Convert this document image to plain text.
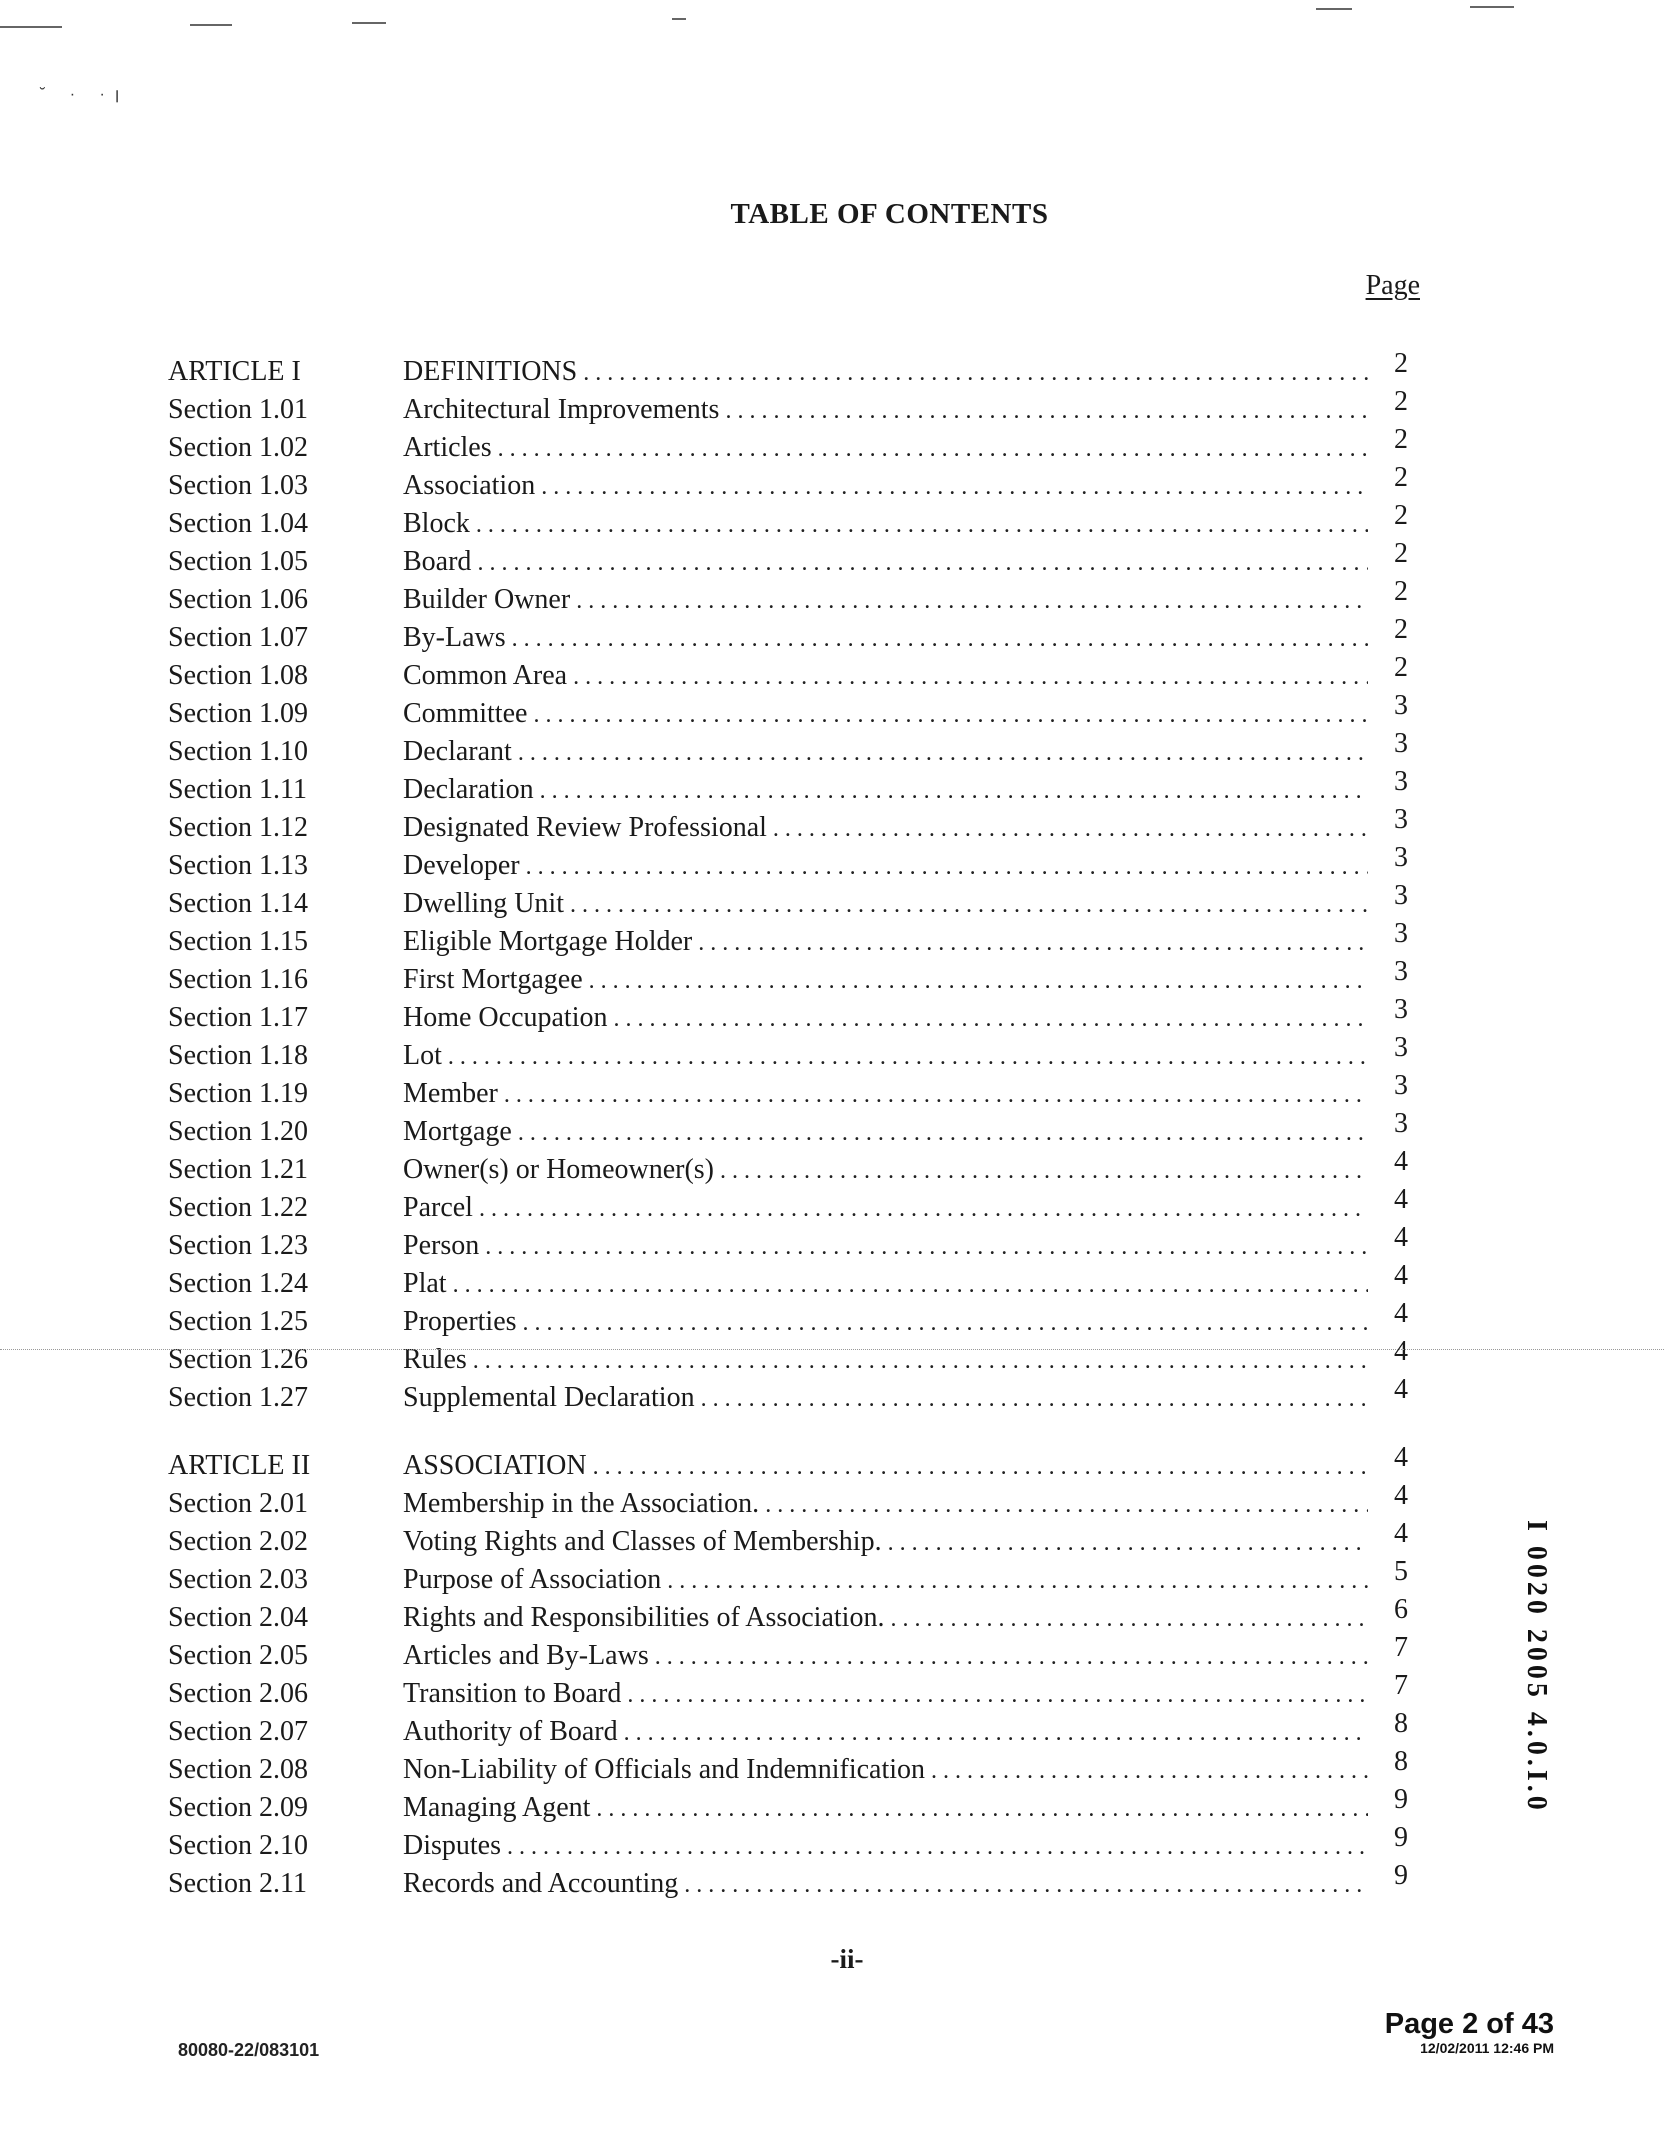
˘ · ·ꞁ
TABLE OF CONTENTS
Page
ARTICLE I	DEFINITIONS . . .	2
Section 1.01	Architectural Improvements . . .	2
Section 1.02	Articles . . .	2
Section 1.03	Association . . .	2
Section 1.04	Block . . .	2
Section 1.05	Board . . .	2
Section 1.06	Builder Owner . . .	2
Section 1.07	By-Laws . . .	2
Section 1.08	Common Area . . .	2
Section 1.09	Committee . . .	3
Section 1.10	Declarant . . .	3
Section 1.11	Declaration . . .	3
Section 1.12	Designated Review Professional . . .	3
Section 1.13	Developer . . .	3
Section 1.14	Dwelling Unit . . .	3
Section 1.15	Eligible Mortgage Holder . . .	3
Section 1.16	First Mortgagee . . .	3
Section 1.17	Home Occupation . . .	3
Section 1.18	Lot . . .	3
Section 1.19	Member . . .	3
Section 1.20	Mortgage . . .	3
Section 1.21	Owner(s) or Homeowner(s) . . .	4
Section 1.22	Parcel . . .	4
Section 1.23	Person . . .	4
Section 1.24	Plat . . .	4
Section 1.25	Properties . . .	4
Section 1.26	Rules . . .	4
Section 1.27	Supplemental Declaration . . .	4
ARTICLE II	ASSOCIATION . . .	4
Section 2.01	Membership in the Association. . . .	4
Section 2.02	Voting Rights and Classes of Membership. . . .	4
Section 2.03	Purpose of Association . . .	5
Section 2.04	Rights and Responsibilities of Association. . . .	6
Section 2.05	Articles and By-Laws . . .	7
Section 2.06	Transition to Board . . .	7
Section 2.07	Authority of Board . . .	8
Section 2.08	Non-Liability of Officials and Indemnification . . .	8
Section 2.09	Managing Agent . . .	9
Section 2.10	Disputes . . .	9
Section 2.11	Records and Accounting . . .	9
I 0020 2005 4.0.I.0
-ii-
80080-22/083101
Page 2 of 43
12/02/2011 12:46 PM
